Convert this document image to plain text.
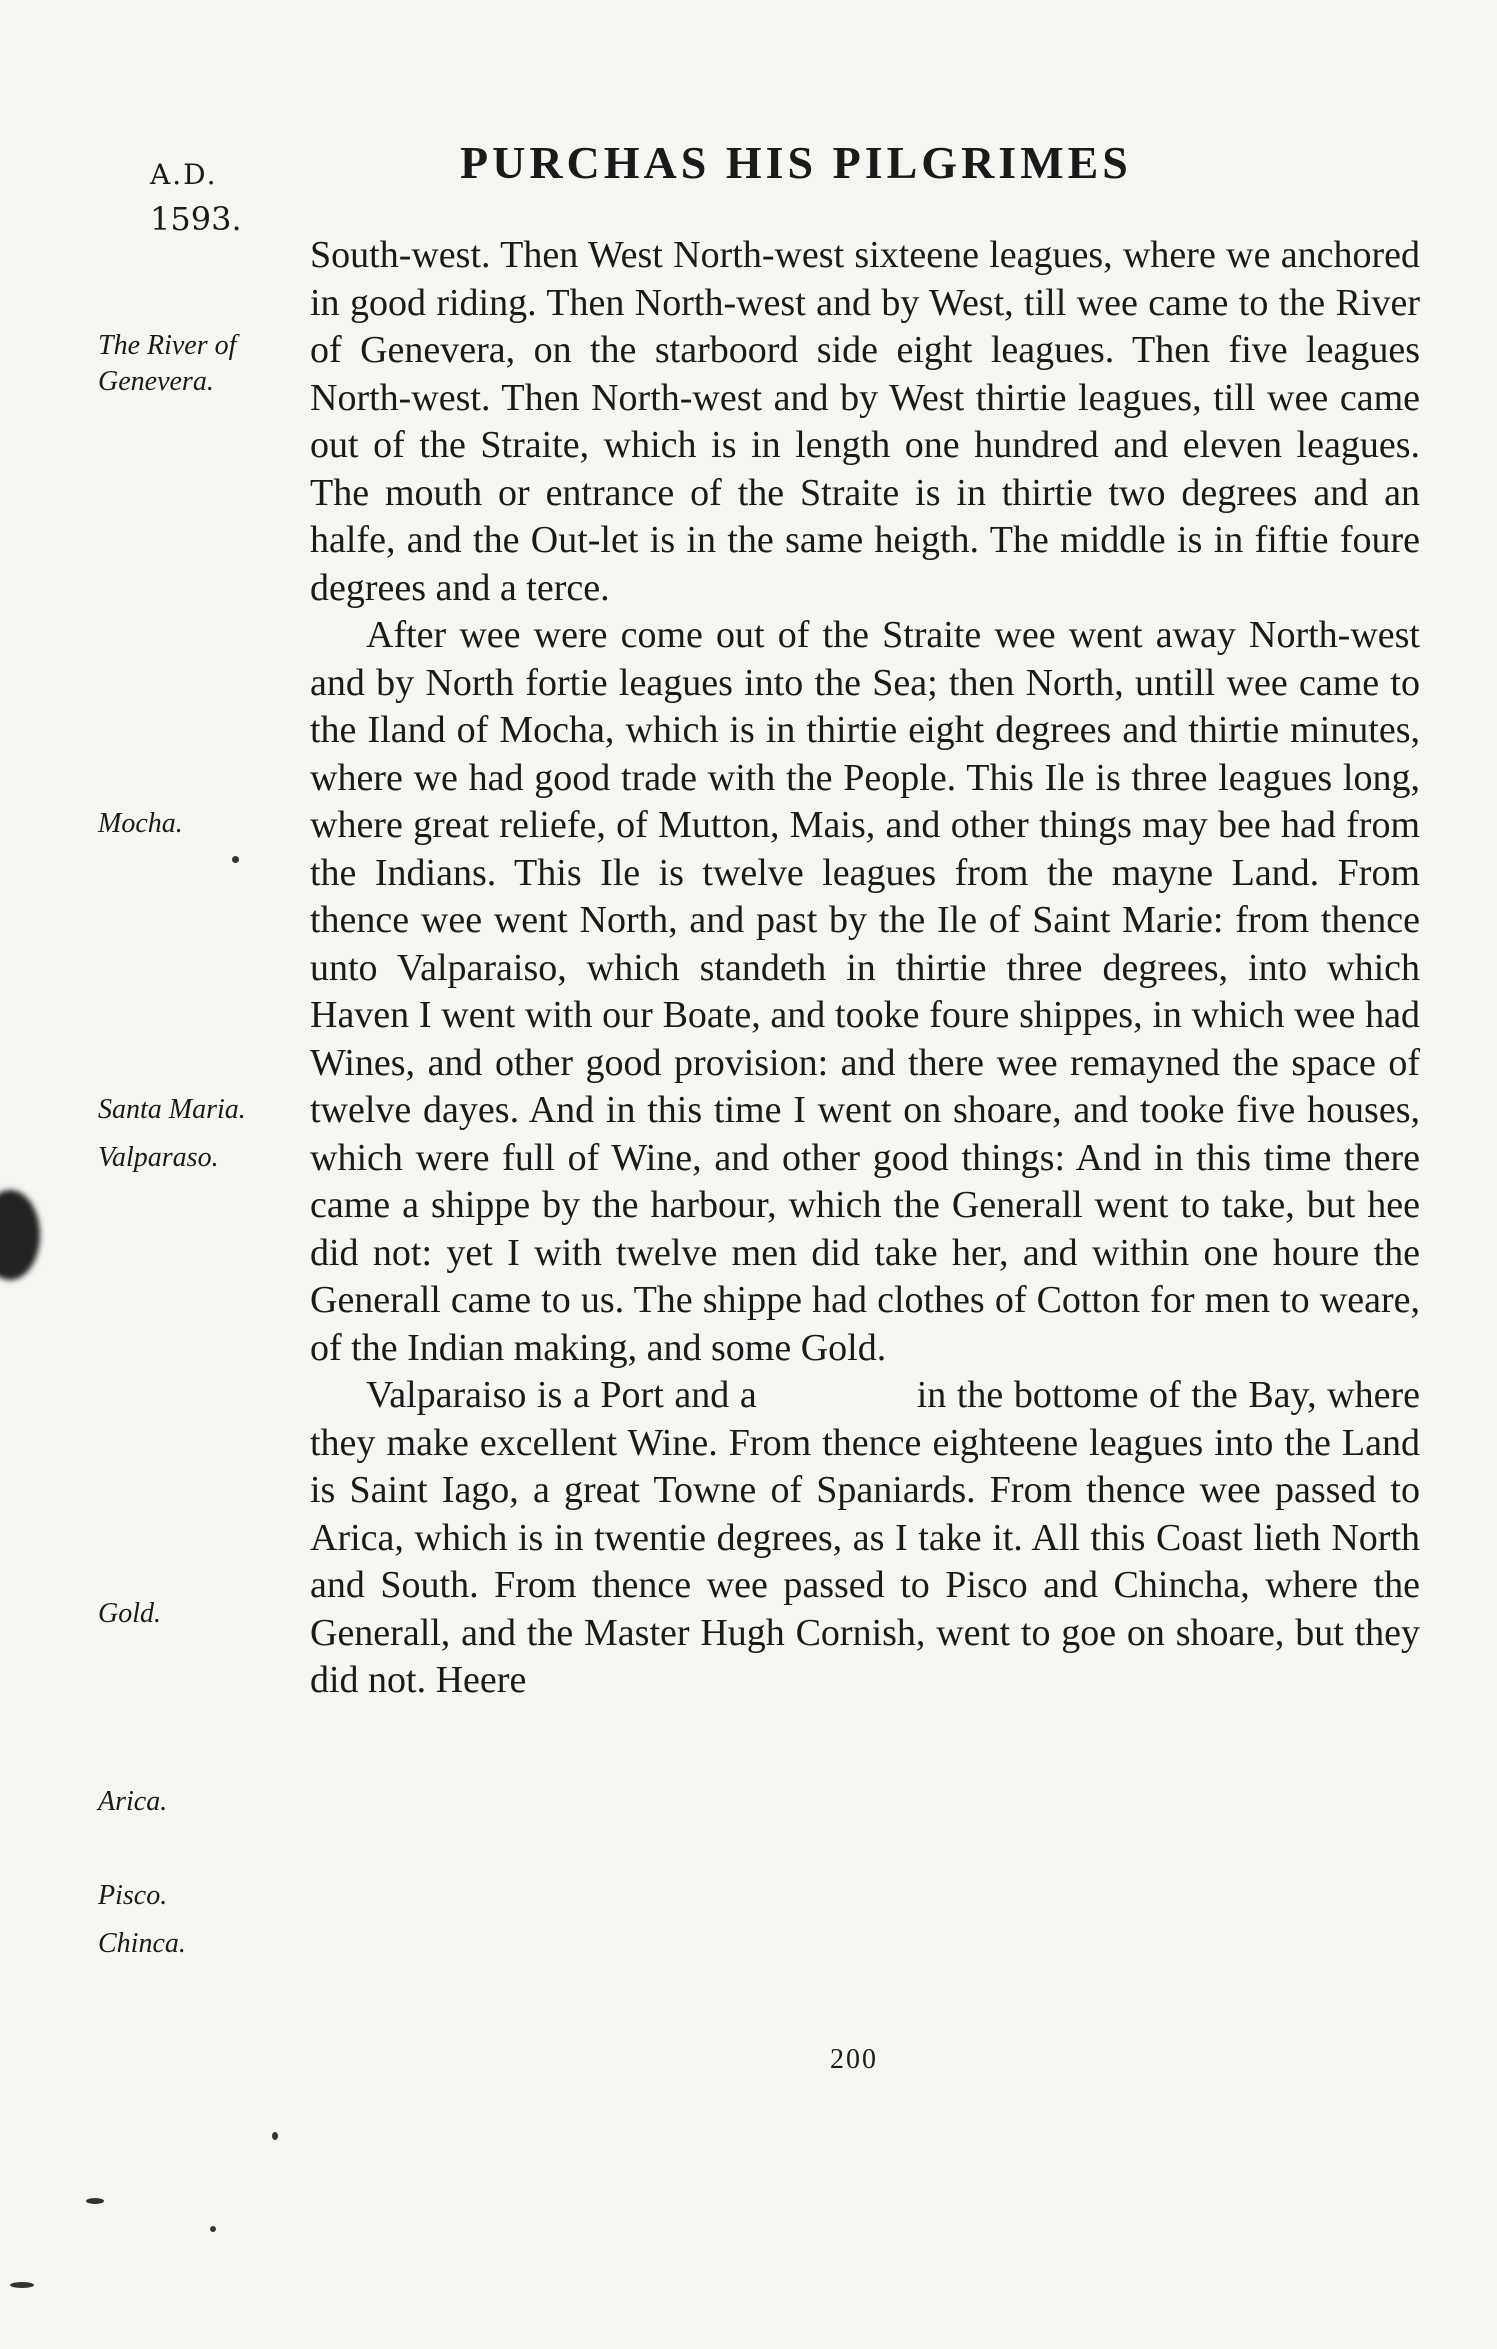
A.D.
1593.
PURCHAS HIS PILGRIMES
The River of
Genevera.
Mocha.
Santa Maria.
Valparaso.
Gold.
Arica.
Pisco.
Chinca.

South-west. Then West North-west sixteene leagues, where we anchored in good riding. Then North-west and by West, till wee came to the River of Genevera, on the starboord side eight leagues. Then five leagues North-west. Then North-west and by West thirtie leagues, till wee came out of the Straite, which is in length one hundred and eleven leagues. The mouth or entrance of the Straite is in thirtie two degrees and an halfe, and the Out-let is in the same heigth. The middle is in fiftie foure degrees and a terce.

After wee were come out of the Straite wee went away North-west and by North fortie leagues into the Sea; then North, untill wee came to the Iland of Mocha, which is in thirtie eight degrees and thirtie minutes, where we had good trade with the People. This Ile is three leagues long, where great reliefe, of Mutton, Mais, and other things may bee had from the Indians. This Ile is twelve leagues from the mayne Land. From thence wee went North, and past by the Ile of Saint Marie: from thence unto Valparaiso, which standeth in thirtie three degrees, into which Haven I went with our Boate, and tooke foure shippes, in which wee had Wines, and other good provision: and there wee remayned the space of twelve dayes. And in this time I went on shoare, and tooke five houses, which were full of Wine, and other good things: And in this time there came a shippe by the harbour, which the Generall went to take, but hee did not: yet I with twelve men did take her, and within one houre the Generall came to us. The shippe had clothes of Cotton for men to weare, of the Indian making, and some Gold.

Valparaiso is a Port and a	in the bottome of the Bay, where they make excellent Wine. From thence eighteene leagues into the Land is Saint Iago, a great Towne of Spaniards. From thence wee passed to Arica, which is in twentie degrees, as I take it. All this Coast lieth North and South. From thence wee passed to Pisco and Chincha, where the Generall, and the Master Hugh Cornish, went to goe on shoare, but they did not. Heere

200
